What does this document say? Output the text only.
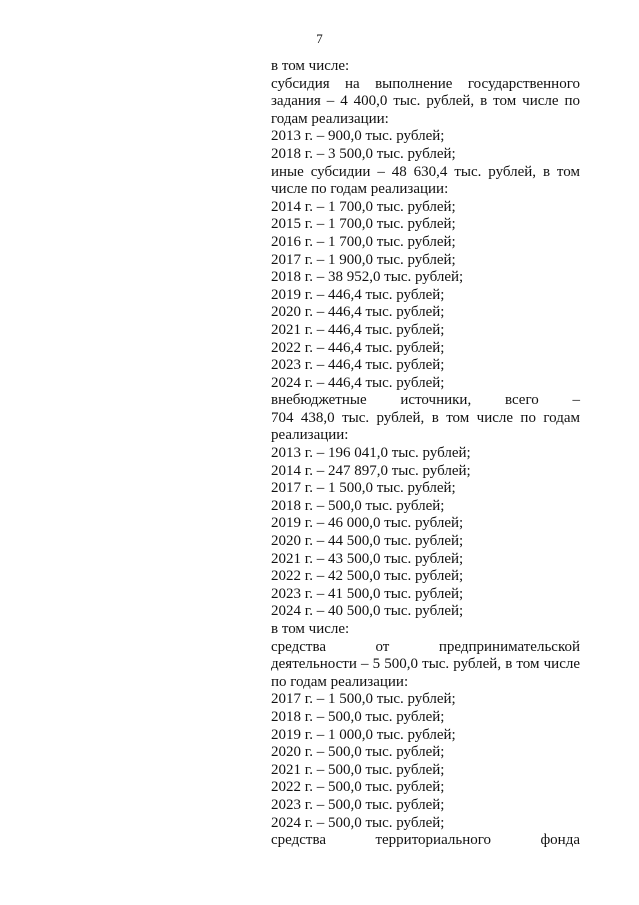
7
в том числе:
субсидия на выполнение государственного
задания – 4 400,0 тыс. рублей, в том числе по
годам реализации:
2013 г. – 900,0 тыс. рублей;
2018 г. – 3 500,0 тыс. рублей;
иные субсидии – 48 630,4 тыс. рублей, в том
числе по годам реализации:
2014 г. – 1 700,0 тыс. рублей;
2015 г. – 1 700,0 тыс. рублей;
2016 г. – 1 700,0 тыс. рублей;
2017 г. – 1 900,0 тыс. рублей;
2018 г. – 38 952,0 тыс. рублей;
2019 г. – 446,4 тыс. рублей;
2020 г. – 446,4 тыс. рублей;
2021 г. – 446,4 тыс. рублей;
2022 г. – 446,4 тыс. рублей;
2023 г. – 446,4 тыс. рублей;
2024 г. – 446,4 тыс. рублей;
внебюджетные источники, всего –
704 438,0 тыс. рублей, в том числе по годам
реализации:
2013 г. – 196 041,0 тыс. рублей;
2014 г. – 247 897,0 тыс. рублей;
2017 г. – 1 500,0 тыс. рублей;
2018 г. – 500,0 тыс. рублей;
2019 г. – 46 000,0 тыс. рублей;
2020 г. – 44 500,0 тыс. рублей;
2021 г. – 43 500,0 тыс. рублей;
2022 г. – 42 500,0 тыс. рублей;
2023 г. – 41 500,0 тыс. рублей;
2024 г. – 40 500,0 тыс. рублей;
в том числе:
средства от предпринимательской
деятельности – 5 500,0 тыс. рублей, в том числе
по годам реализации:
2017 г. – 1 500,0 тыс. рублей;
2018 г. – 500,0 тыс. рублей;
2019 г. – 1 000,0 тыс. рублей;
2020 г. – 500,0 тыс. рублей;
2021 г. – 500,0 тыс. рублей;
2022 г. – 500,0 тыс. рублей;
2023 г. – 500,0 тыс. рублей;
2024 г. – 500,0 тыс. рублей;
средства территориального фонда
